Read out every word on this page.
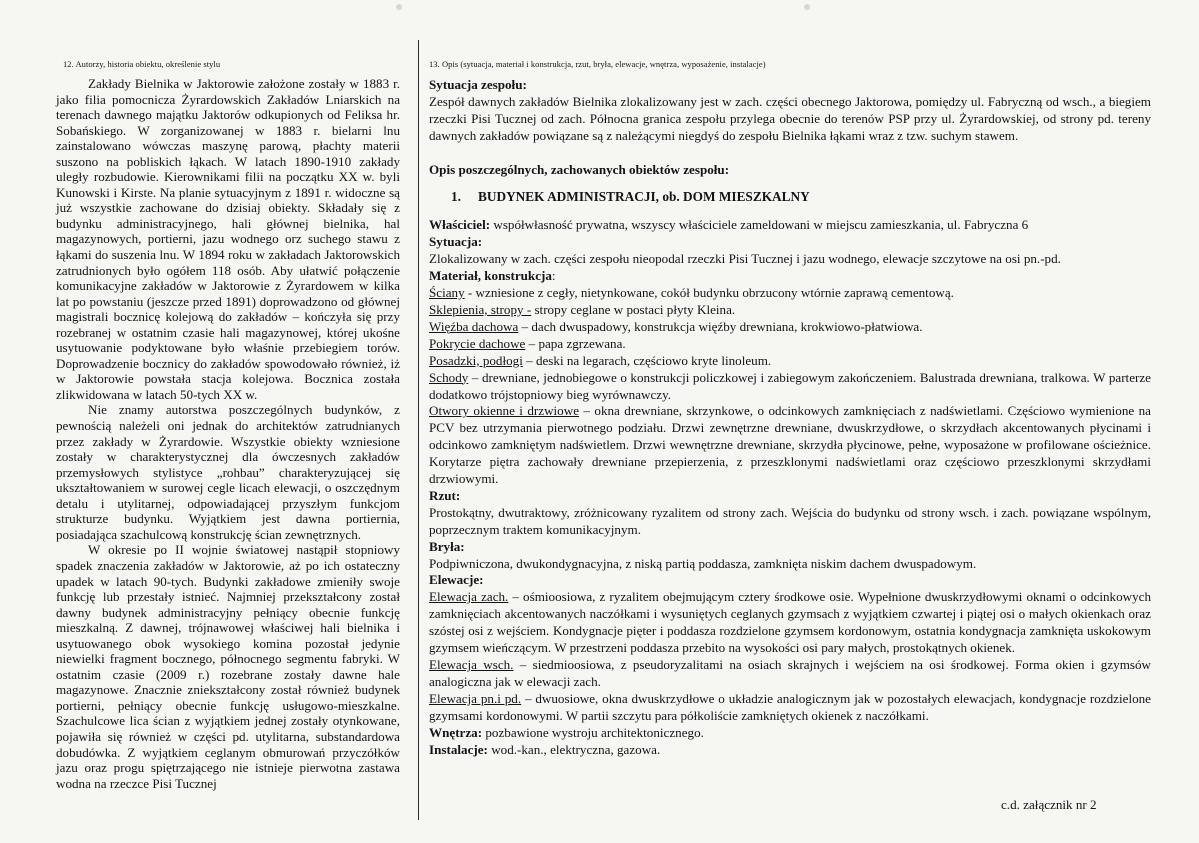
12. Autorzy, historia obiektu, określenie stylu

Zakłady Bielnika w Jaktorowie założone zostały w 1883 r. jako filia pomocnicza Żyrardowskich Zakładów Lniarskich na terenach dawnego majątku Jaktorów odkupionych od Feliksa hr. Sobańskiego. W zorganizowanej w 1883 r. bielarni lnu zainstalowano wówczas maszynę parową, płachty materii suszono na pobliskich łąkach. W latach 1890-1910 zakłady uległy rozbudowie. Kierownikami filii na początku XX w. byli Kunowski i Kirste. Na planie sytuacyjnym z 1891 r. widoczne są już wszystkie zachowane do dzisiaj obiekty. Składały się z budynku administracyjnego, hali głównej bielnika, hal magazynowych, portierni, jazu wodnego orz suchego stawu z łąkami do suszenia lnu. W 1894 roku w zakładach Jaktorowskich zatrudnionych było ogółem 118 osób. Aby ułatwić połączenie komunikacyjne zakładów w Jaktorowie z Żyrardowem w kilka lat po powstaniu (jeszcze przed 1891) doprowadzono od głównej magistrali bocznicę kolejową do zakładów – kończyła się przy rozebranej w ostatnim czasie hali magazynowej, której ukośne usytuowanie podyktowane było właśnie przebiegiem torów. Doprowadzenie bocznicy do zakładów spowodowało również, iż w Jaktorowie powstała stacja kolejowa. Bocznica została zlikwidowana w latach 50-tych XX w.

Nie znamy autorstwa poszczególnych budynków, z pewnością należeli oni jednak do architektów zatrudnianych przez zakłady w Żyrardowie. Wszystkie obiekty wzniesione zostały w charakterystycznej dla ówczesnych zakładów przemysłowych stylistyce „rohbau” charakteryzującej się ukształtowaniem w surowej cegle licach elewacji, o oszczędnym detalu i utylitarnej, odpowiadającej przyszłym funkcjom strukturze budynku. Wyjątkiem jest dawna portiernia, posiadająca szachulcową konstrukcję ścian zewnętrznych.

W okresie po II wojnie światowej nastąpił stopniowy spadek znaczenia zakładów w Jaktorowie, aż po ich ostateczny upadek w latach 90-tych. Budynki zakładowe zmieniły swoje funkcję lub przestały istnieć. Najmniej przekształcony został dawny budynek administracyjny pełniący obecnie funkcję mieszkalną. Z dawnej, trójnawowej właściwej hali bielnika i usytuowanego obok wysokiego komina pozostał jedynie niewielki fragment bocznego, północnego segmentu fabryki. W ostatnim czasie (2009 r.) rozebrane zostały dawne hale magazynowe. Znacznie zniekształcony został również budynek portierni, pełniący obecnie funkcję usługowo-mieszkalne. Szachulcowe lica ścian z wyjątkiem jednej zostały otynkowane, pojawiła się również w części pd. utylitarna, substandardowa dobudówka. Z wyjątkiem ceglanym obmurowań przyczółków jazu oraz progu spiętrzającego nie istnieje pierwotna zastawa wodna na rzeczce Pisi Tucznej

13. Opis (sytuacja, materiał i konstrukcja, rzut, bryła, elewacje, wnętrza, wyposażenie, instalacje)

Sytuacja zespołu:

Zespół dawnych zakładów Bielnika zlokalizowany jest w zach. części obecnego Jaktorowa, pomiędzy ul. Fabryczną od wsch., a biegiem rzeczki Pisi Tucznej od zach. Północna granica zespołu przylega obecnie do terenów PSP przy ul. Żyrardowskiej, od strony pd. tereny dawnych zakładów powiązane są z należącymi niegdyś do zespołu Bielnika łąkami wraz z tzw. suchym stawem.

Opis poszczególnych, zachowanych obiektów zespołu:

1. BUDYNEK ADMINISTRACJI, ob. DOM MIESZKALNY

Właściciel: współwłasność prywatna, wszyscy właściciele zameldowani w miejscu zamieszkania, ul. Fabryczna 6

Sytuacja:

Zlokalizowany w zach. części zespołu nieopodal rzeczki Pisi Tucznej i jazu wodnego, elewacje szczytowe na osi pn.-pd.

Materiał, konstrukcja:

Ściany - wzniesione z cegły, nietynkowane, cokół budynku obrzucony wtórnie zaprawą cementową.

Sklepienia, stropy - stropy ceglane w postaci płyty Kleina.

Więźba dachowa – dach dwuspadowy, konstrukcja więźby drewniana, krokwiowo-płatwiowa.

Pokrycie dachowe – papa zgrzewana.

Posadzki, podłogi – deski na legarach, częściowo kryte linoleum.

Schody – drewniane, jednobiegowe o konstrukcji policzkowej i zabiegowym zakończeniem. Balustrada drewniana, tralkowa. W parterze dodatkowo trójstopniowy bieg wyrównawczy.

Otwory okienne i drzwiowe – okna drewniane, skrzynkowe, o odcinkowych zamknięciach z nadświetlami. Częściowo wymienione na PCV bez utrzymania pierwotnego podziału. Drzwi zewnętrzne drewniane, dwuskrzydłowe, o skrzydłach akcentowanych płycinami i odcinkowo zamkniętym nadświetlem. Drzwi wewnętrzne drewniane, skrzydła płycinowe, pełne, wyposażone w profilowane ościeżnice. Korytarze piętra zachowały drewniane przepierzenia, z przeszklonymi nadświetlami oraz częściowo przeszklonymi skrzydłami drzwiowymi.

Rzut:

Prostokątny, dwutraktowy, zróżnicowany ryzalitem od strony zach. Wejścia do budynku od strony wsch. i zach. powiązane wspólnym, poprzecznym traktem komunikacyjnym.

Bryła:

Podpiwniczona, dwukondygnacyjna, z niską partią poddasza, zamknięta niskim dachem dwuspadowym.

Elewacje:

Elewacja zach. – ośmioosiowa, z ryzalitem obejmującym cztery środkowe osie. Wypełnione dwuskrzydłowymi oknami o odcinkowych zamknięciach akcentowanych naczółkami i wysuniętych ceglanych gzymsach z wyjątkiem czwartej i piątej osi o małych okienkach oraz szóstej osi z wejściem. Kondygnacje pięter i poddasza rozdzielone gzymsem kordonowym, ostatnia kondygnacja zamknięta uskokowym gzymsem wieńczącym. W przestrzeni poddasza przebito na wysokości osi pary małych, prostokątnych okienek.

Elewacja wsch. – siedmioosiowa, z pseudoryzalitami na osiach skrajnych i wejściem na osi środkowej. Forma okien i gzymsów analogiczna jak w elewacji zach.

Elewacja pn.i pd. – dwuosiowe, okna dwuskrzydłowe o układzie analogicznym jak w pozostałych elewacjach, kondygnacje rozdzielone gzymsami kordonowymi. W partii szczytu para półkoliście zamkniętych okienek z naczółkami.

Wnętrza: pozbawione wystroju architektonicznego.

Instalacje: wod.-kan., elektryczna, gazowa.

c.d. załącznik nr 2
